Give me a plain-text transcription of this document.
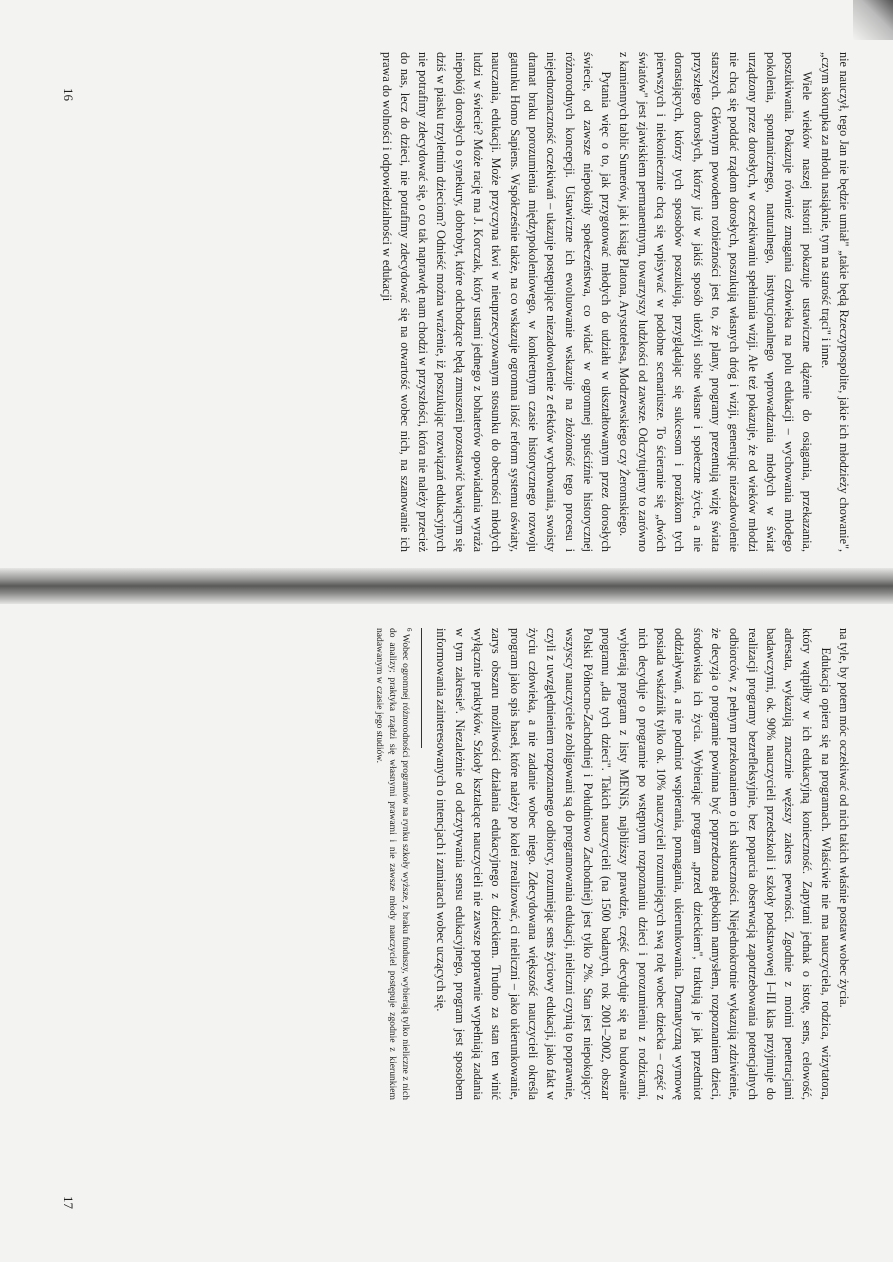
nie nauczył, tego Jan nie będzie umiał" „takie będą Rzeczypospolite, jakie ich młodzieży chowanie", „czym skorupka za młodu nasiąknie, tym na starość trąci" i inne.

Wiele wieków naszej historii pokazuje ustawiczne dążenie do osiągania, przekazania, poszukiwania. Pokazuje również zmagania człowieka na polu edukacji – wychowania młodego pokolenia, spontanicznego, naturalnego, instytucjonalnego wprowadzania młodych w świat urządzony przez dorosłych, w oczekiwaniu spełniania wizji. Ale też pokazuje, że od wieków młodzi nie chcą się poddać rządom dorosłych, poszukują własnych dróg i wizji, generując niezadowolenie starszych. Głównym powodem rozbieżności jest to, że plany, programy prezentują wizję świata przyszłego dorosłych, którzy już w jakiś sposób ułożyli sobie własne i społeczne życie, a nie dorastających, którzy tych sposobów poszukują, przyglądając się sukcesom i porażkom tych pierwszych i niekoniecznie chcą się wpisywać w podobne scenariusze. To ścieranie się „dwóch światów" jest zjawiskiem permanentnym, towarzyszy ludzkości od zawsze. Odczytujemy to zarówno z kamiennych tablic Sumerów, jak i ksiąg Platona, Arystotelesa, Modrzewskiego czy Żeromskiego.

Pytania więc o to, jak przygotować młodych do udziału w ukształtowanym przez dorosłych świecie, od zawsze niepokoiły społeczeństwa, co widać w ogromnej spuściźnie historycznej różnorodnych koncepcji. Ustawiczne ich ewoluowanie wskazuje na złożoność tego procesu i niejednoznaczność oczekiwań – ukazuje postępujące niezadowolenie z efektów wychowania, swoisty dramat braku porozumienia międzypokoleniowego, w konkretnym czasie historycznego rozwoju gatunku Homo Sapiens. Współcześnie także, na co wskazuje ogromna ilość reform systemu oświaty, nauczania, edukacji. Może przyczyna tkwi w nieuprzecyzowanym stosunku do obecności młodych ludzi w świecie? Może rację ma J. Korczak, który ustami jednego z bohaterów opowiadania wyraża niepokój dorosłych o synekury, dobrobyt, które odchodzące będą zmuszeni pozostawić bawiącym się dziś w piasku trzyletnim dzieciom? Odnieść można wrażenie, iż poszukując rozwiązań edukacyjnych nie potrafimy zdecydować się, o co tak naprawdę nam chodzi w przyszłości, która nie należy przecież do nas, lecz do dzieci, nie potrafimy zdecydować się na otwartość wobec nich, na szanowanie ich prawa do wolności i odpowiedzialności w edukacji

na tyle, by potem móc oczekiwać od nich takich właśnie postaw wobec życia.

Edukacja opiera się na programach. Właściwie nie ma nauczyciela, rodzica, wizytatora, który wątpiłby w ich edukacyjną konieczność. Zapytani jednak o istotę, sens, celowość, adresata, wykazują znacznie węższy zakres pewności. Zgodnie z moimi penetracjami badawczymi, ok. 90% nauczycieli przedszkoli i szkoły podstawowej I–III klas przyjmuje do realizacji programy bezrefleksyjnie, bez poparcia obserwacją zapotrzebowania potencjalnych odbiorców, z pełnym przekonaniem o ich skuteczności. Niejednokrotnie wykazują zdziwienie, że decyzja o programie powinna być poprzedzona głębokim namysłem, rozpoznaniem dzieci, środowiska ich życia. Wybierając program „przed dzieckiem", traktują je jak przedmiot oddziaływań, a nie podmiot wspierania, pomagania, ukierunkowania. Dramatyczną wymowę posiada wskaźnik tylko ok. 10% nauczycieli rozumiejących swą rolę wobec dziecka – część z nich decyduje o programie po wstępnym rozpoznaniu dzieci i porozumieniu z rodzicami, wybierają program z listy MENiS, najbliższy prawdzie, część decyduje się na budowanie programu „dla tych dzieci". Takich nauczycieli (na 1500 badanych, rok 2001–2002, obszar Polski Północno-Zachodniej i Południowo Zachodniej) jest tylko 2%. Stan jest niepokojący: wszyscy nauczyciele zobligowani są do programowania edukacji, nieliczni czynią to poprawnie, czyli z uwzględnieniem rozpoznanego odbiorcy, rozumiejąc sens życiowy edukacji, jako fakt w życiu człowieka, a nie zadanie wobec niego. Zdecydowana większość nauczycieli określa program jako spis haseł, które należy po kolei zrealizować, ci nieliczni – jako ukierunkowanie, zarys obszaru możliwości działania edukacyjnego z dzieckiem. Trudno za stan ten winić wyłącznie praktyków. Szkoły kształcące nauczycieli nie zawsze poprawnie wypełniają zadania w tym zakresie⁶. Niezależnie od odczytywania sensu edukacyjnego, program jest sposobem informowania zainteresowanych o intencjach i zamiarach wobec uczących się.

$^6$ Wobec ogromnej różnorodności programów na rynku szkoły wyższe, z braku funduszy, wybierają tylko nieliczne z nich do analizy; praktyka rządzi się własnymi prawami i nie zawsze młody nauczyciel postępuje zgodnie z kierunkiem nadawanym w czasie jego studiów.

16
17
